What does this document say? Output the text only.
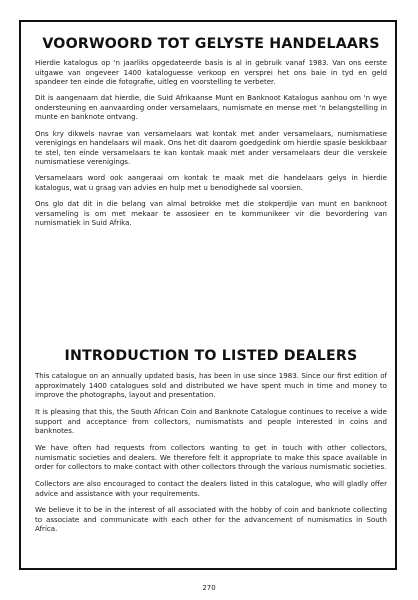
VOORWOORD TOT GELYSTE HANDELAARS

Hierdie katalogus op 'n jaarliks opgedateerde basis is al in gebruik vanaf 1983. Van ons eerste uitgawe van ongeveer 1400 kataloguesse verkoop en versprei het ons baie in tyd en geld spandeer ten einde die fotografie, uitleg en voorstelling te verbeter.

Dit is aangenaam dat hierdie, die Suid Afrikaanse Munt en Banknoot Katalogus aanhou om 'n wye ondersteuning en aanvaarding onder versamelaars, numismate en mense met 'n belangstelling in munte en banknote ontvang.

Ons kry dikwels navrae van versamelaars wat kontak met ander versamelaars, numismatiese verenigings en handelaars wil maak. Ons het dit daarom goedgedink om hierdie spasie beskikbaar te stel, ten einde versamelaars te kan kontak maak met ander versamelaars deur die verskeie numismatiese verenigings.

Versamelaars word ook aangeraai om kontak te maak met die handelaars gelys in hierdie katalogus, wat u graag van advies en hulp met u benodighede sal voorsien.

Ons glo dat dit in die belang van almal betrokke met die stokperdjie van munt en banknoot versameling is om met mekaar te assosieer en te kommunikeer vir die bevordering van numismatiek in Suid Afrika.

INTRODUCTION TO LISTED DEALERS

This catalogue on an annually updated basis, has been in use since 1983. Since our first edition of approximately 1400 catalogues sold and distributed we have spent much in time and money to improve the photographs, layout and presentation.

It is pleasing that this, the South African Coin and Banknote Catalogue continues to receive a wide support and acceptance from collectors, numismatists and people interested in coins and banknotes.

We have often had requests from collectors wanting to get in touch with other collectors, numismatic societies and dealers. We therefore felt it appropriate to make this space available in order for collectors to make contact with other collectors through the various numismatic societies.

Collectors are also encouraged to contact the dealers listed in this catalogue, who will gladly offer advice and assistance with your requirements.

We believe it to be in the interest of all associated with the hobby of coin and banknote collecting to associate and communicate with each other for the advancement of numismatics in South Africa.

270
